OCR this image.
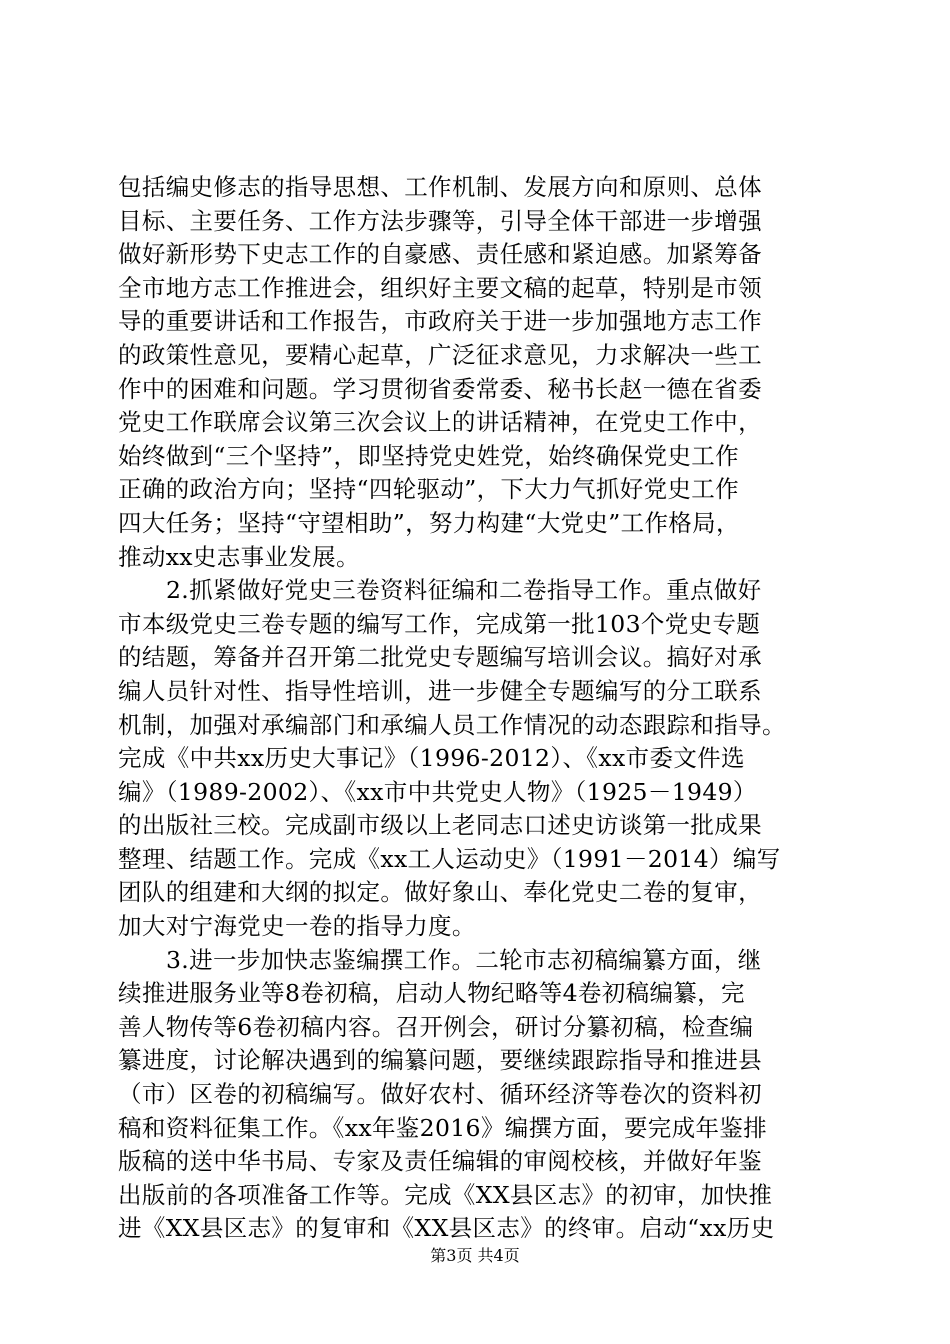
包括编史修志的指导思想、工作机制、发展方向和原则、总体
目标、主要任务、工作方法步骤等，引导全体干部进一步增强
做好新形势下史志工作的自豪感、责任感和紧迫感。加紧筹备
全市地方志工作推进会，组织好主要文稿的起草，特别是市领
导的重要讲话和工作报告，市政府关于进一步加强地方志工作
的政策性意见，要精心起草，广泛征求意见，力求解决一些工
作中的困难和问题。学习贯彻省委常委、秘书长赵一德在省委
党史工作联席会议第三次会议上的讲话精神，在党史工作中，
始终做到“三个坚持”，即坚持党史姓党，始终确保党史工作
正确的政治方向；坚持“四轮驱动”，下大力气抓好党史工作
四大任务；坚持“守望相助”，努力构建“大党史”工作格局，
推动xx史志事业发展。
2.抓紧做好党史三卷资料征编和二卷指导工作。重点做好
市本级党史三卷专题的编写工作，完成第一批103个党史专题
的结题，筹备并召开第二批党史专题编写培训会议。搞好对承
编人员针对性、指导性培训，进一步健全专题编写的分工联系
机制，加强对承编部门和承编人员工作情况的动态跟踪和指导。
完成《中共xx历史大事记》（1996-2012）、《xx市委文件选
编》（1989-2002）、《xx市中共党史人物》（1925－1949）
的出版社三校。完成副市级以上老同志口述史访谈第一批成果
整理、结题工作。完成《xx工人运动史》（1991－2014）编写
团队的组建和大纲的拟定。做好象山、奉化党史二卷的复审，
加大对宁海党史一卷的指导力度。
3.进一步加快志鉴编撰工作。二轮市志初稿编纂方面，继
续推进服务业等8卷初稿，启动人物纪略等4卷初稿编纂，完
善人物传等6卷初稿内容。召开例会，研讨分纂初稿，检查编
纂进度，讨论解决遇到的编纂问题，要继续跟踪指导和推进县
（市）区卷的初稿编写。做好农村、循环经济等卷次的资料初
稿和资料征集工作。《xx年鉴2016》编撰方面，要完成年鉴排
版稿的送中华书局、专家及责任编辑的审阅校核，并做好年鉴
出版前的各项准备工作等。完成《XX县区志》的初审，加快推
进《XX县区志》的复审和《XX县区志》的终审。启动“xx历史
第3页 共4页
